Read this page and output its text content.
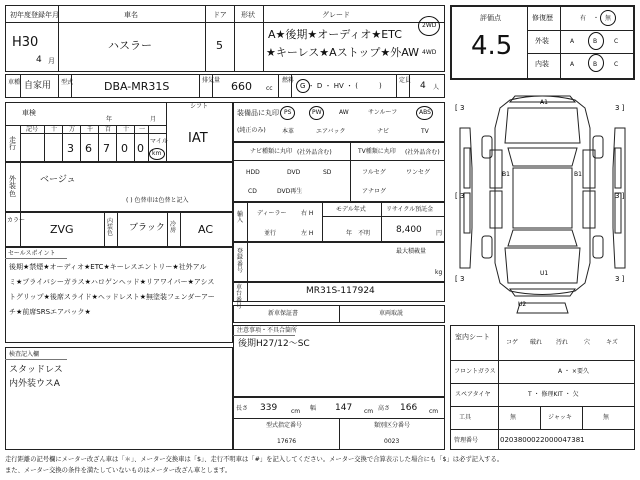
初年度登録年月
H30
4 月
車名
ハスラー
ドア
5
形状	グレード
A★後期★オーディオ★ETC
★キーレス★Aストップ★外AW
2WD
4WD
車種 自家用 型式	DBA-MR31S	排気量 660 cc
燃料
G ・ D ・ HV ・ (　　　)
定員
4 人
車検
年	月
記号 十 万 千 百 十 一
走行	3 6 7 0 0
マイル
km
シフト
IAT
装備品に丸印
(純正のみ)
PS	PW	AW	サンルーフ	ABS
本革	エアバック	ナビ	TV
外装色
ベージュ
( ) 色替車は色替と記入
ナビ種類に丸印 (社外品含む)	TV種類に丸印 (社外品含む)
HDD	DVD	SD
CD	DVD再生
フルセグ	ワンセグ
アナログ
カラー
ZVG
内装色
ブラック 冷房 AC
輸入
ディーラー
並行
右 H
左 H
モデル年式
年　不明
リサイクル預託金
8,400 円
登録番号
最大積載量
kg
セールスポイント
後期★禁煙★オーディオ★ETC★キーレスエントリー★社外アル
ミ★プライバシーガラス★ハロゲンヘッド★リアワイパー★アシス
トグリップ★後席スライド★ヘッドレスト★無塗装フェンダーアー
チ★前席SRSエアバック★
車台番号
MR31S-117924
新車保証書	車両取説
注意事項・不具合箇所
後期H27/12〜SC
検査記入欄
スタッドレス
内外装ウスA
長さ 339 cm 幅 147 cm 高さ 166 cm
型式指定番号
17676
類別区分番号
0023
評価点
4.5
修復歴	有 ・ 無
外装	A	B	C
内装	A	B	C
A1
B1	B1
U2
U1
[ 3	3 ]
[ 3	3 ]
[ 3	3 ]
室内シート
コゲ 破れ 汚れ	穴	キズ
フロントガラス	A ・ ×要久
スペアタイヤ	T ・ 修理KIT ・ 欠
工具	無	ジャッキ	無
管理番号	0203800022000047381
走行距離の記号欄にメーター改ざん車は「＊」、メーター交換車は「$」、走行不明車は「#」を記入してください。メーター交換で合算表示した場合にも「$」は必ず記入する。
また、メーター交換の条件を満たしていないものはメーター改ざん車とします。
